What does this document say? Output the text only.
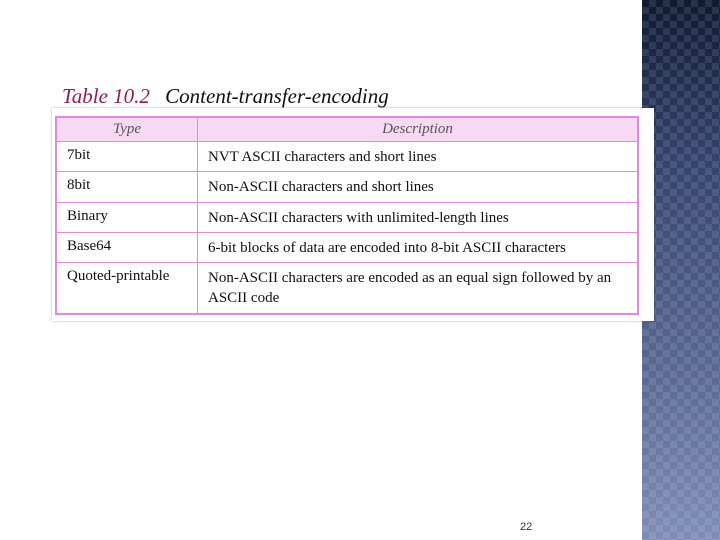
Table 10.2 Content-transfer-encoding
Type	Description
7bit	NVT ASCII characters and short lines
8bit	Non-ASCII characters and short lines
Binary	Non-ASCII characters with unlimited-length lines
Base64	6-bit blocks of data are encoded into 8-bit ASCII characters
Quoted-printable	Non-ASCII characters are encoded as an equal sign followed by an ASCII code
22
